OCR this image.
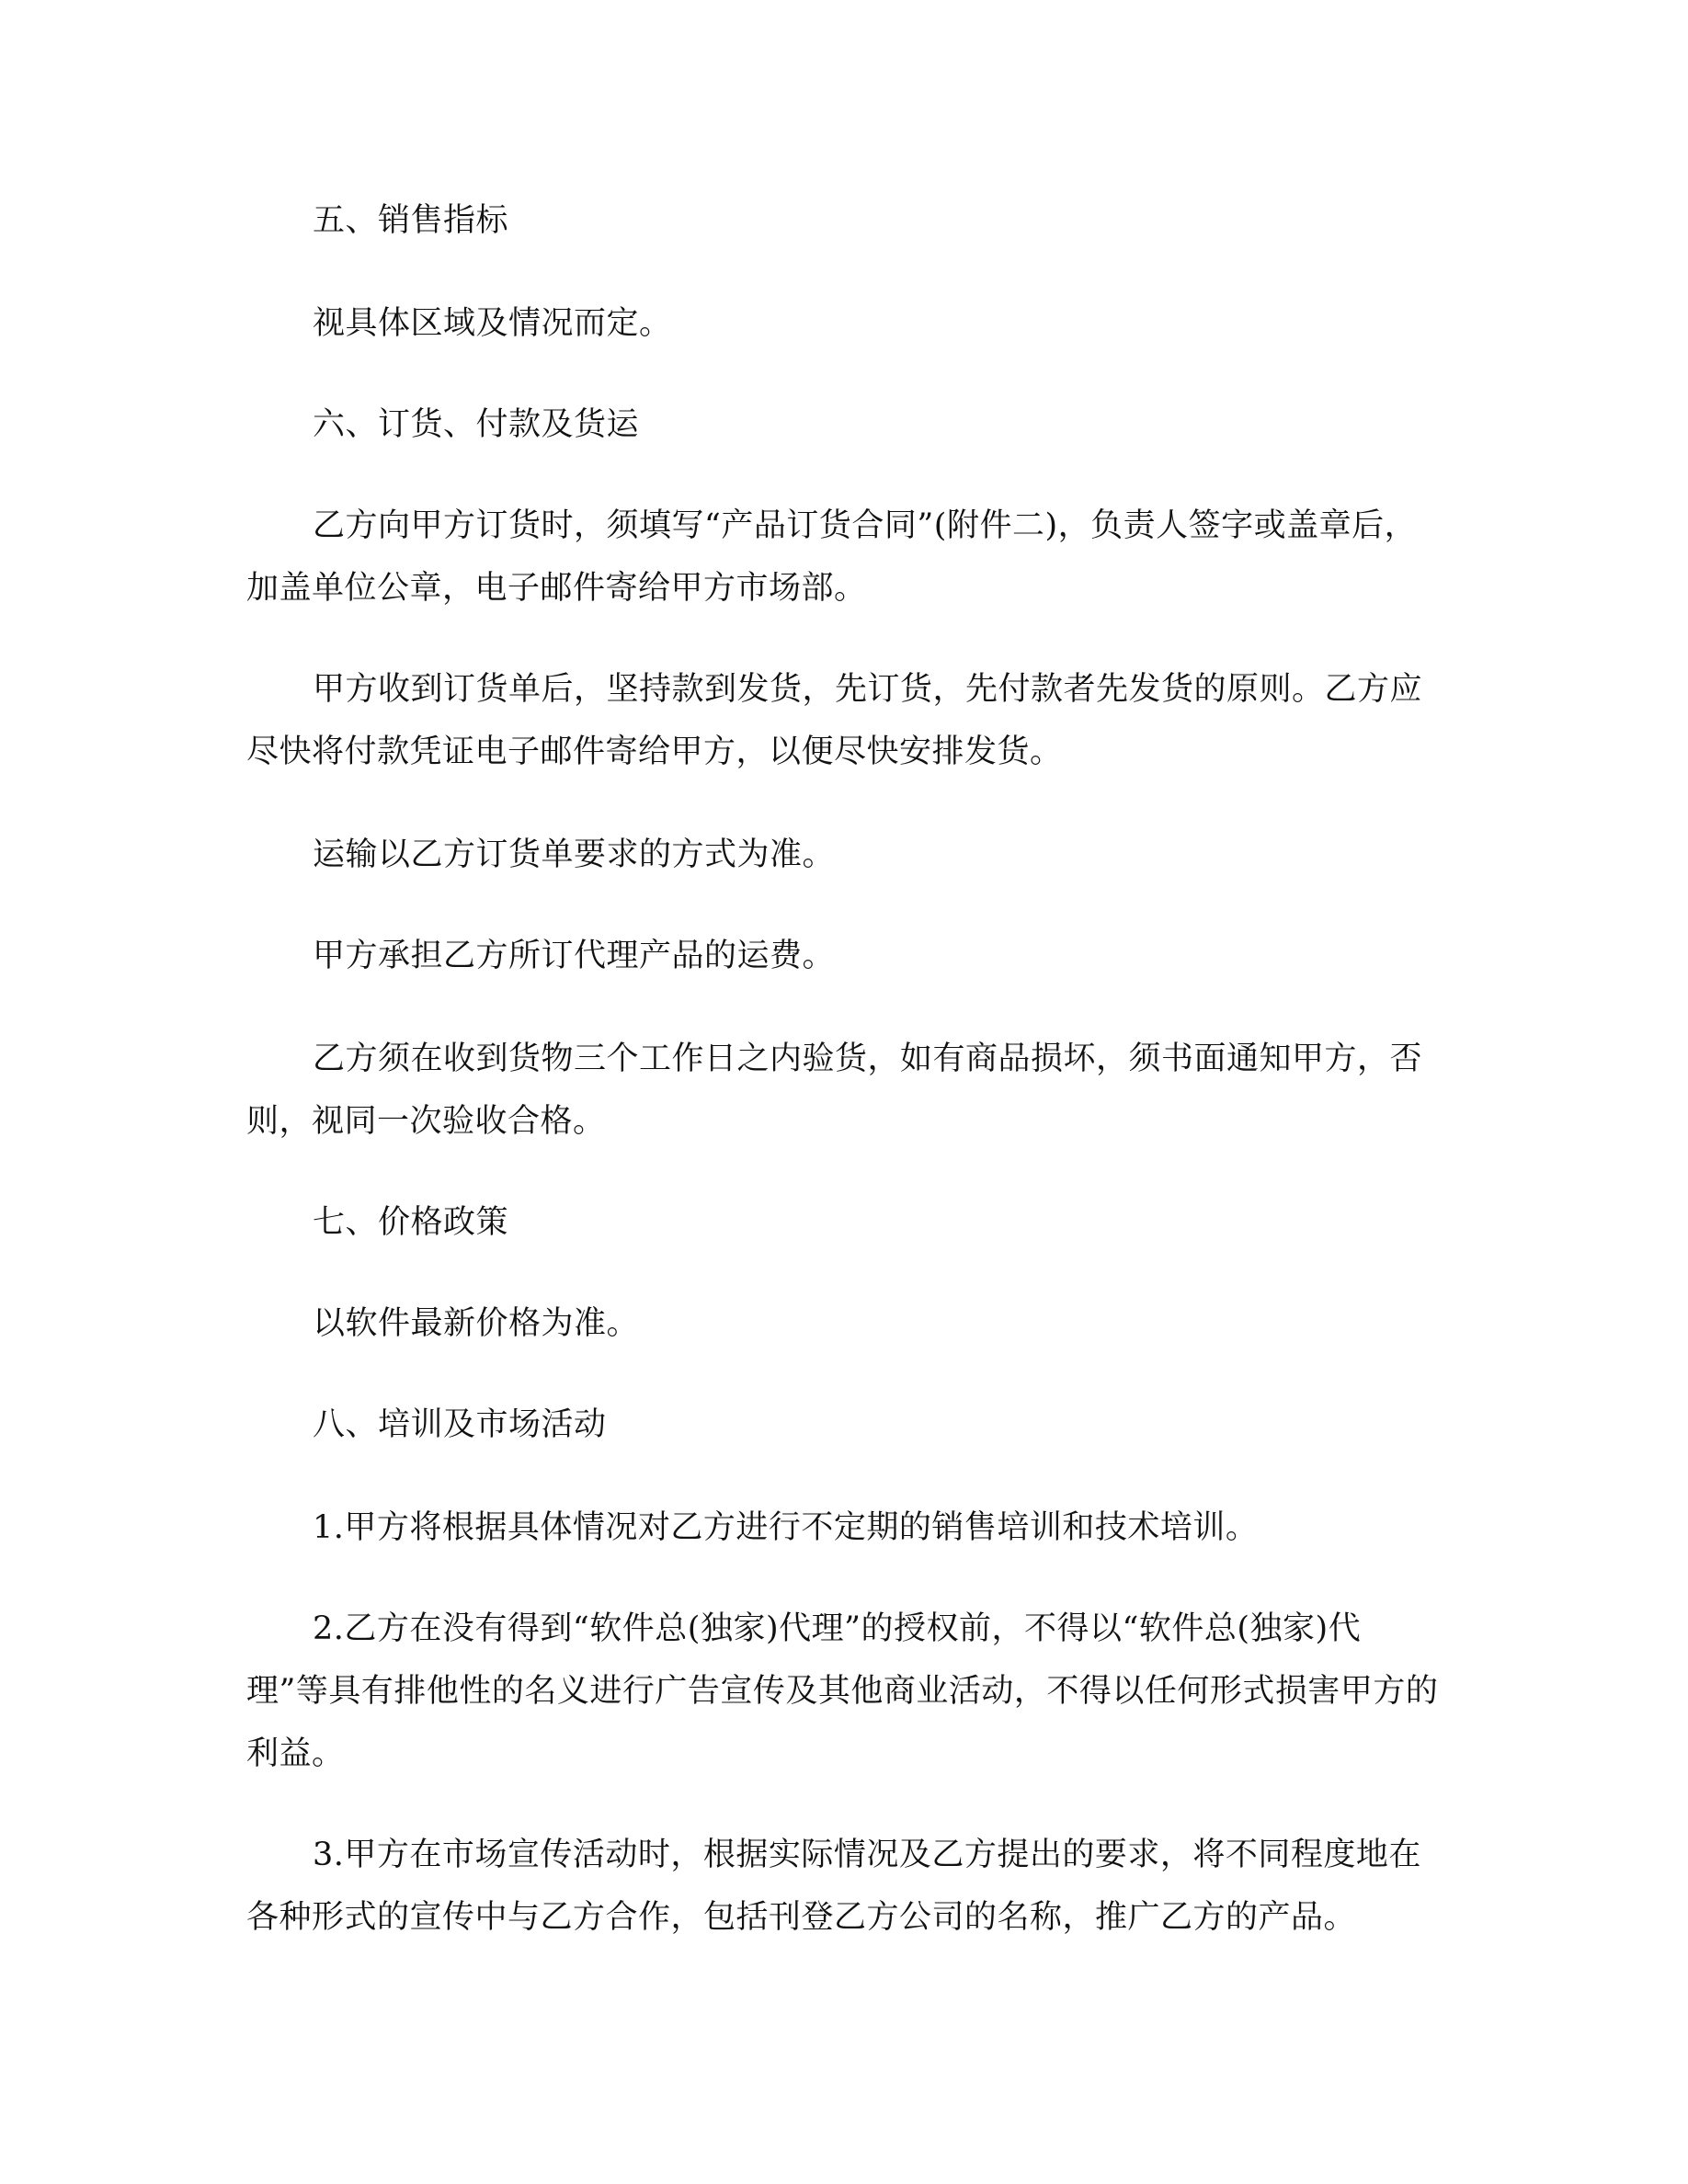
五、销售指标

视具体区域及情况而定。

六、订货、付款及货运

乙方向甲方订货时，须填写“产品订货合同”(附件二)，负责人签字或盖章后，加盖单位公章，电子邮件寄给甲方市场部。

甲方收到订货单后，坚持款到发货，先订货，先付款者先发货的原则。乙方应尽快将付款凭证电子邮件寄给甲方，以便尽快安排发货。

运输以乙方订货单要求的方式为准。

甲方承担乙方所订代理产品的运费。

乙方须在收到货物三个工作日之内验货，如有商品损坏，须书面通知甲方，否则，视同一次验收合格。

七、价格政策

以软件最新价格为准。

八、培训及市场活动

1.甲方将根据具体情况对乙方进行不定期的销售培训和技术培训。

2.乙方在没有得到“软件总(独家)代理”的授权前，不得以“软件总(独家)代理”等具有排他性的名义进行广告宣传及其他商业活动，不得以任何形式损害甲方的利益。

3.甲方在市场宣传活动时，根据实际情况及乙方提出的要求，将不同程度地在各种形式的宣传中与乙方合作，包括刊登乙方公司的名称，推广乙方的产品。
